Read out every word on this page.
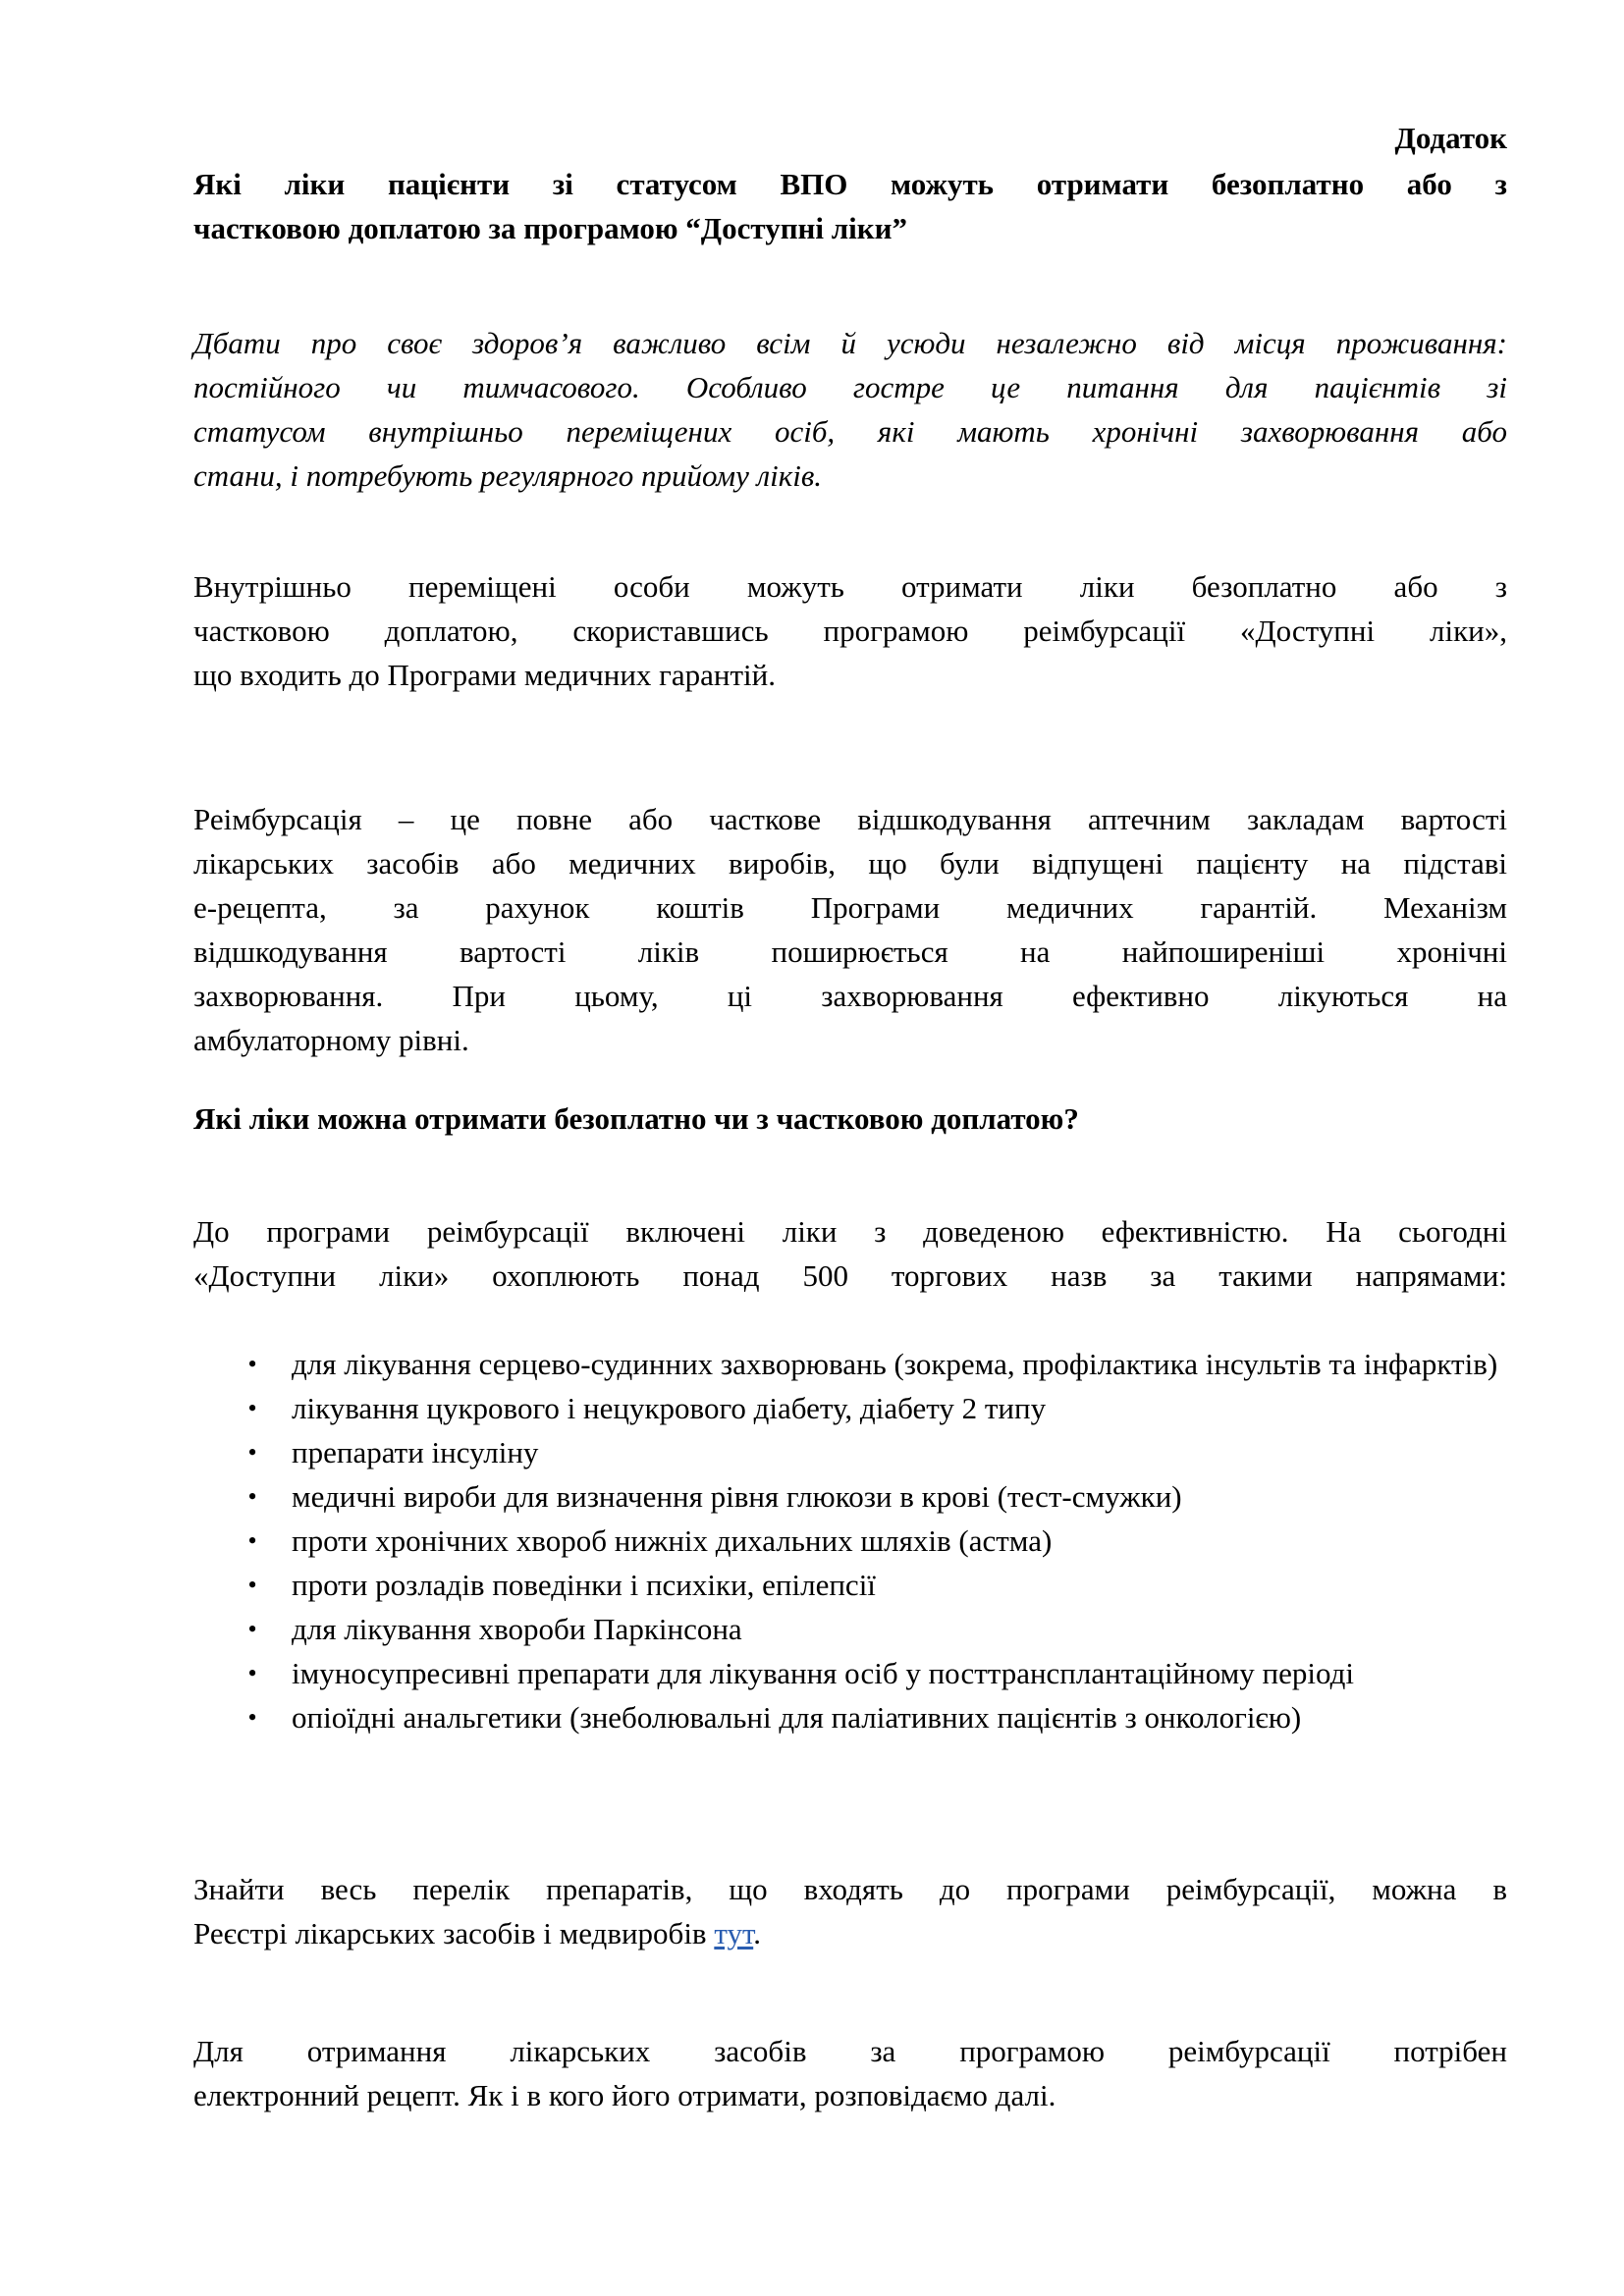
Додаток
Які ліки пацієнти зі статусом ВПО можуть отримати безоплатно або з
частковою доплатою за програмою “Доступні ліки”
Дбати про своє здоров’я важливо всім й усюди незалежно від місця проживання:
постійного чи тимчасового. Особливо гостре це питання для пацієнтів зі
статусом внутрішньо переміщених осіб, які мають хронічні захворювання або
стани, і потребують регулярного прийому ліків.
Внутрішньо переміщені особи можуть отримати ліки безоплатно або з
частковою доплатою, скориставшись програмою реімбурсації «Доступні ліки»,
що входить до Програми медичних гарантій.
Реімбурсація – це повне або часткове відшкодування аптечним закладам вартості
лікарських засобів або медичних виробів, що були відпущені пацієнту на підставі
е-рецепта, за рахунок коштів Програми медичних гарантій. Механізм
відшкодування вартості ліків поширюється на найпоширеніші хронічні
захворювання. При цьому, ці захворювання ефективно лікуються на
амбулаторному рівні.
Які ліки можна отримати безоплатно чи з частковою доплатою?
До програми реімбурсації включені ліки з доведеною ефективністю. На сьогодні
«Доступни ліки» охоплюють понад 500 торгових назв за такими напрямами:
• для лікування серцево-судинних захворювань (зокрема, профілактика інсультів та інфарктів)
• лікування цукрового і нецукрового діабету, діабету 2 типу
• препарати інсуліну
• медичні вироби для визначення рівня глюкози в крові (тест-смужки)
• проти хронічних хвороб нижніх дихальних шляхів (астма)
• проти розладів поведінки і психіки, епілепсії
• для лікування хвороби Паркінсона
• імуносупресивні препарати для лікування осіб у посттрансплантаційному періоді
• опіоїдні анальгетики (знеболювальні для паліативних пацієнтів з онкологією)
Знайти весь перелік препаратів, що входять до програми реімбурсації, можна в
Реєстрі лікарських засобів і медвиробів тут.
Для отримання лікарських засобів за програмою реімбурсації потрібен
електронний рецепт. Як і в кого його отримати, розповідаємо далі.
